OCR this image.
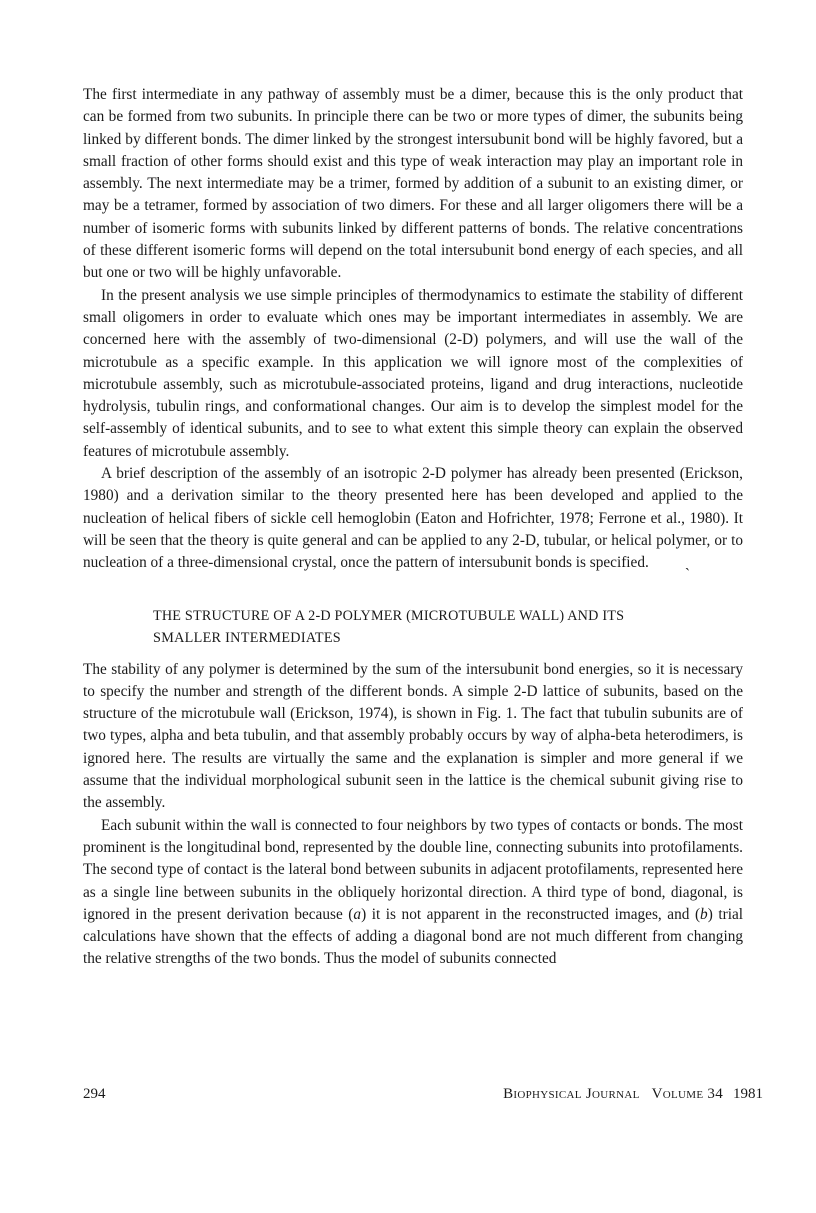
The first intermediate in any pathway of assembly must be a dimer, because this is the only product that can be formed from two subunits. In principle there can be two or more types of dimer, the subunits being linked by different bonds. The dimer linked by the strongest intersubunit bond will be highly favored, but a small fraction of other forms should exist and this type of weak interaction may play an important role in assembly. The next intermediate may be a trimer, formed by addition of a subunit to an existing dimer, or may be a tetramer, formed by association of two dimers. For these and all larger oligomers there will be a number of isomeric forms with subunits linked by different patterns of bonds. The relative concentrations of these different isomeric forms will depend on the total intersubunit bond energy of each species, and all but one or two will be highly unfavorable.

In the present analysis we use simple principles of thermodynamics to estimate the stability of different small oligomers in order to evaluate which ones may be important intermediates in assembly. We are concerned here with the assembly of two-dimensional (2-D) polymers, and will use the wall of the microtubule as a specific example. In this application we will ignore most of the complexities of microtubule assembly, such as microtubule-associated proteins, ligand and drug interactions, nucleotide hydrolysis, tubulin rings, and conformational changes. Our aim is to develop the simplest model for the self-assembly of identical subunits, and to see to what extent this simple theory can explain the observed features of microtubule assembly.

A brief description of the assembly of an isotropic 2-D polymer has already been presented (Erickson, 1980) and a derivation similar to the theory presented here has been developed and applied to the nucleation of helical fibers of sickle cell hemoglobin (Eaton and Hofrichter, 1978; Ferrone et al., 1980). It will be seen that the theory is quite general and can be applied to any 2-D, tubular, or helical polymer, or to nucleation of a three-dimensional crystal, once the pattern of intersubunit bonds is specified. ˎ

THE STRUCTURE OF A 2-D POLYMER (MICROTUBULE WALL) AND ITS
SMALLER INTERMEDIATES

The stability of any polymer is determined by the sum of the intersubunit bond energies, so it is necessary to specify the number and strength of the different bonds. A simple 2-D lattice of subunits, based on the structure of the microtubule wall (Erickson, 1974), is shown in Fig. 1. The fact that tubulin subunits are of two types, alpha and beta tubulin, and that assembly probably occurs by way of alpha-beta heterodimers, is ignored here. The results are virtually the same and the explanation is simpler and more general if we assume that the individual morphological subunit seen in the lattice is the chemical subunit giving rise to the assembly.

Each subunit within the wall is connected to four neighbors by two types of contacts or bonds. The most prominent is the longitudinal bond, represented by the double line, connecting subunits into protofilaments. The second type of contact is the lateral bond between subunits in adjacent protofilaments, represented here as a single line between subunits in the obliquely horizontal direction. A third type of bond, diagonal, is ignored in the present derivation because (a) it is not apparent in the reconstructed images, and (b) trial calculations have shown that the effects of adding a diagonal bond are not much different from changing the relative strengths of the two bonds. Thus the model of subunits connected

294	Biophysical Journal Volume 34 1981
